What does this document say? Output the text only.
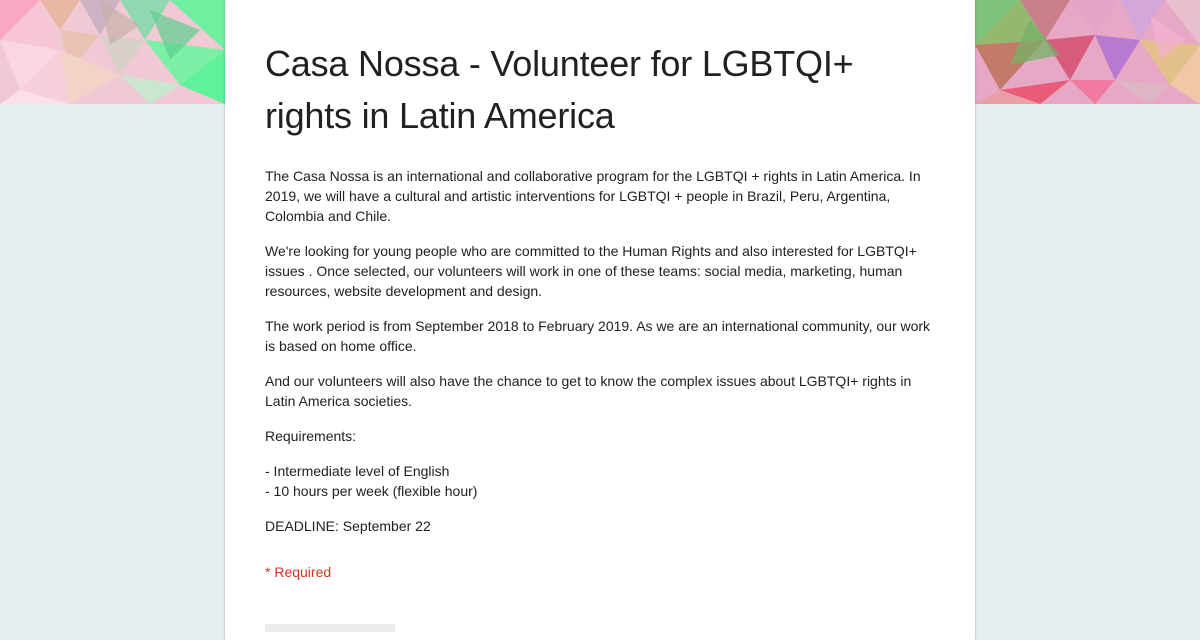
Casa Nossa - Volunteer for LGBTQI+
rights in Latin America

The Casa Nossa is an international and collaborative program for the LGBTQI + rights in Latin America. In 2019, we will have a cultural and artistic interventions for LGBTQI + people in Brazil, Peru, Argentina, Colombia and Chile.

We're looking for young people who are committed to the Human Rights and also interested for LGBTQI+ issues . Once selected, our volunteers will work in one of these teams: social media, marketing, human resources, website development and design.

The work period is from September 2018 to February 2019. As we are an international community, our work is based on home office.

And our volunteers will also have the chance to get to know the complex issues about LGBTQI+ rights in Latin America societies.

Requirements:

- Intermediate level of English
- 10 hours per week (flexible hour)

DEADLINE: September 22

* Required
